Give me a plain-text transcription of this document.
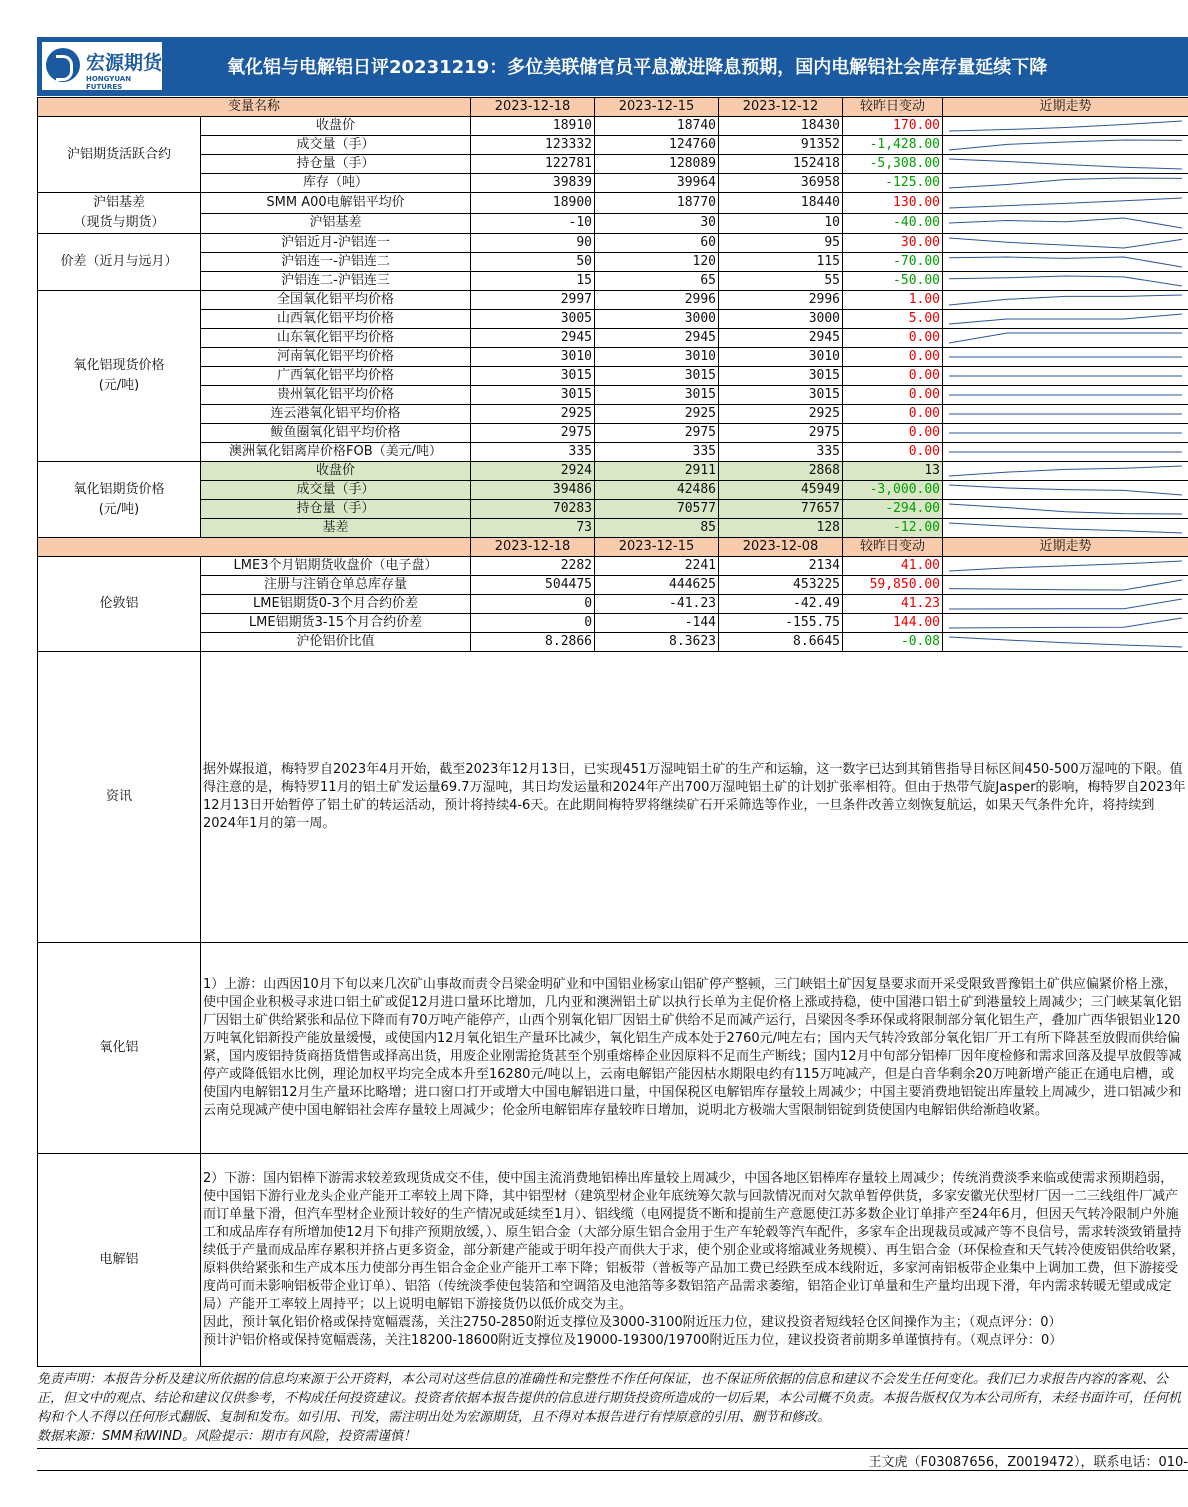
宏源期货
HONGYUAN FUTURES
氧化铝与电解铝日评20231219：多位美联储官员平息激进降息预期，国内电解铝社会库存量延续下降
变量名称		2023-12-18	2023-12-15	2023-12-12	较昨日变动	近期走势
沪铝期货活跃合约	收盘价	18910	18740	18430	170.00	

	成交量（手）	123332	124760	91352	-1,428.00	

	持仓量（手）	122781	128089	152418	-5,308.00	

	库存（吨）	39839	39964	36958	-125.00	

沪铝基差
（现货与期货）	SMM A00电解铝平均价	18900	18770	18440	130.00	

	沪铝基差	-10	30	10	-40.00	

价差（近月与远月）	沪铝近月-沪铝连一	90	60	95	30.00	

	沪铝连一-沪铝连二	50	120	115	-70.00	

	沪铝连二-沪铝连三	15	65	55	-50.00	

氧化铝现货价格
(元/吨)	全国氧化铝平均价格	2997	2996	2996	1.00	

	山西氧化铝平均价格	3005	3000	3000	5.00	

	山东氧化铝平均价格	2945	2945	2945	0.00	

	河南氧化铝平均价格	3010	3010	3010	0.00	

	广西氧化铝平均价格	3015	3015	3015	0.00	

	贵州氧化铝平均价格	3015	3015	3015	0.00	

	连云港氧化铝平均价格	2925	2925	2925	0.00	

	鲅鱼圈氧化铝平均价格	2975	2975	2975	0.00	

	澳洲氧化铝离岸价格FOB（美元/吨）	335	335	335	0.00	

氧化铝期货价格
(元/吨)	收盘价	2924	2911	2868	13	

	成交量（手）	39486	42486	45949	-3,000.00	

	持仓量（手）	70283	70577	77657	-294.00	

	基差	73	85	128	-12.00	

		2023-12-18	2023-12-15	2023-12-08	较昨日变动	近期走势
伦敦铝	LME3个月铝期货收盘价（电子盘）	2282	2241	2134	41.00	

	注册与注销仓单总库存量	504475	444625	453225	59,850.00	

	LME铝期货0-3个月合约价差	0	-41.23	-42.49	41.23	

	LME铝期货3-15个月合约价差	0	-144	-155.75	144.00	

	沪伦铝价比值	8.2866	8.3623	8.6645	-0.08	

资讯	据外媒报道，梅特罗自2023年4月开始，截至2023年12月13日，已实现451万湿吨铝土矿的生产和运输，这一数字已达到其销售指导目标区间450-500万湿吨的下限。值得注意的是，梅特罗11月的铝土矿发运量69.7万湿吨，其日均发运量和2024年产出700万湿吨铝土矿的计划扩张率相符。但由于热带气旋Jasper的影响，梅特罗自2023年12月13日开始暂停了铝土矿的转运活动，预计将持续4-6天。在此期间梅特罗将继续矿石开采筛选等作业，一旦条件改善立刻恢复航运，如果天气条件允许，将持续到2024年1月的第一周。					

氧化铝	1）上游：山西因10月下旬以来几次矿山事故而责令吕梁金明矿业和中国铝业杨家山铝矿停产整顿，三门峡铝土矿因复垦要求而开采受限致晋豫铝土矿供应偏紧价格上涨，使中国企业积极寻求进口铝土矿或促12月进口量环比增加，几内亚和澳洲铝土矿以执行长单为主促价格上涨或持稳，使中国港口铝土矿到港量较上周减少；三门峡某氧化铝厂因铝土矿供给紧张和品位下降而有70万吨产能停产，山西个别氧化铝厂因铝土矿供给不足而减产运行，吕梁因冬季环保或将限制部分氧化铝生产，叠加广西华银铝业120万吨氧化铝新投产能放量缓慢，或使国内12月氧化铝生产量环比减少，氧化铝生产成本处于2760元/吨左右；国内天气转冷致部分氧化铝厂开工有所下降甚至放假而供给偏紧，国内废铝持货商捂货惜售或择高出货，用废企业刚需抢货甚至个别重熔棒企业因原料不足而生产断线；国内12月中旬部分铝棒厂因年度检修和需求回落及提早放假等减停产或降低铝水比例，理论加权平均完全成本升至16280元/吨以上，云南电解铝产能因枯水期限电约有115万吨减产，但是白音华剩余20万吨新增产能正在通电启槽，或使国内电解铝12月生产量环比略增；进口窗口打开或增大中国电解铝进口量，中国保税区电解铝库存量较上周减少；中国主要消费地铝锭出库量较上周减少，进口铝减少和云南兑现减产使中国电解铝社会库存量较上周减少；伦金所电解铝库存量较昨日增加，说明北方极端大雪限制铝锭到货使国内电解铝供给渐趋收紧。					

电解铝	2）下游：国内铝棒下游需求较差致现货成交不佳，使中国主流消费地铝棒出库量较上周减少，中国各地区铝棒库存量较上周减少；传统消费淡季来临或使需求预期趋弱，使中国铝下游行业龙头企业产能开工率较上周下降，其中铝型材（建筑型材企业年底统筹欠款与回款情况而对欠款单暂停供货，多家安徽光伏型材厂因一二三线组件厂减产而订单量下滑，但汽车型材企业预计较好的生产情况或延续至1月）、铝线缆（电网提货不断和提前生产意愿使江苏多数企业订单排产至24年6月，但因天气转冷限制户外施工和成品库存有所增加使12月下旬排产预期放缓，）、原生铝合金（大部分原生铝合金用于生产车轮毂等汽车配件，多家车企出现裁员或减产等不良信号，需求转淡致销量持续低于产量而成品库存累积并挤占更多资金，部分新建产能或于明年投产而供大于求，使个别企业或将缩减业务规模）、再生铝合金（环保检查和天气转冷使废铝供给收紧，原料供给紧张和生产成本压力使部分再生铝合金企业产能开工率下降；铝板带（普板等产品加工费已经跌至成本线附近，多家河南铝板带企业集中上调加工费，但下游接受度尚可而未影响铝板带企业订单）、铝箔（传统淡季使包装箔和空调箔及电池箔等多数铝箔产品需求萎缩，铝箔企业订单量和生产量均出现下滑，年内需求转暖无望或成定局）产能开工率较上周持平；以上说明电解铝下游接货仍以低价成交为主。

因此，预计氧化铝价格或保持宽幅震荡，关注2750-2850附近支撑位及3000-3100附近压力位，建议投资者短线轻仓区间操作为主；（观点评分：0）

预计沪铝价格或保持宽幅震荡，关注18200-18600附近支撑位及19000-19300/19700附近压力位，建议投资者前期多单谨慎持有。（观点评分：0）					

免责声明：本报告分析及建议所依据的信息均来源于公开资料，本公司对这些信息的准确性和完整性不作任何保证，也不保证所依据的信息和建议不会发生任何变化。我们已力求报告内容的客观、公正，但文中的观点、结论和建议仅供参考，不构成任何投资建议。投资者依据本报告提供的信息进行期货投资所造成的一切后果，本公司概不负责。本报告版权仅为本公司所有，未经书面许可，任何机构和个人不得以任何形式翻版、复制和发布。如引用、刊发，需注明出处为宏源期货，且不得对本报告进行有悖原意的引用、删节和修改。

数据来源：SMM和WIND。风险提示：期市有风险，投资需谨慎！

王文虎（F03087656，Z0019472），联系电话：010-
